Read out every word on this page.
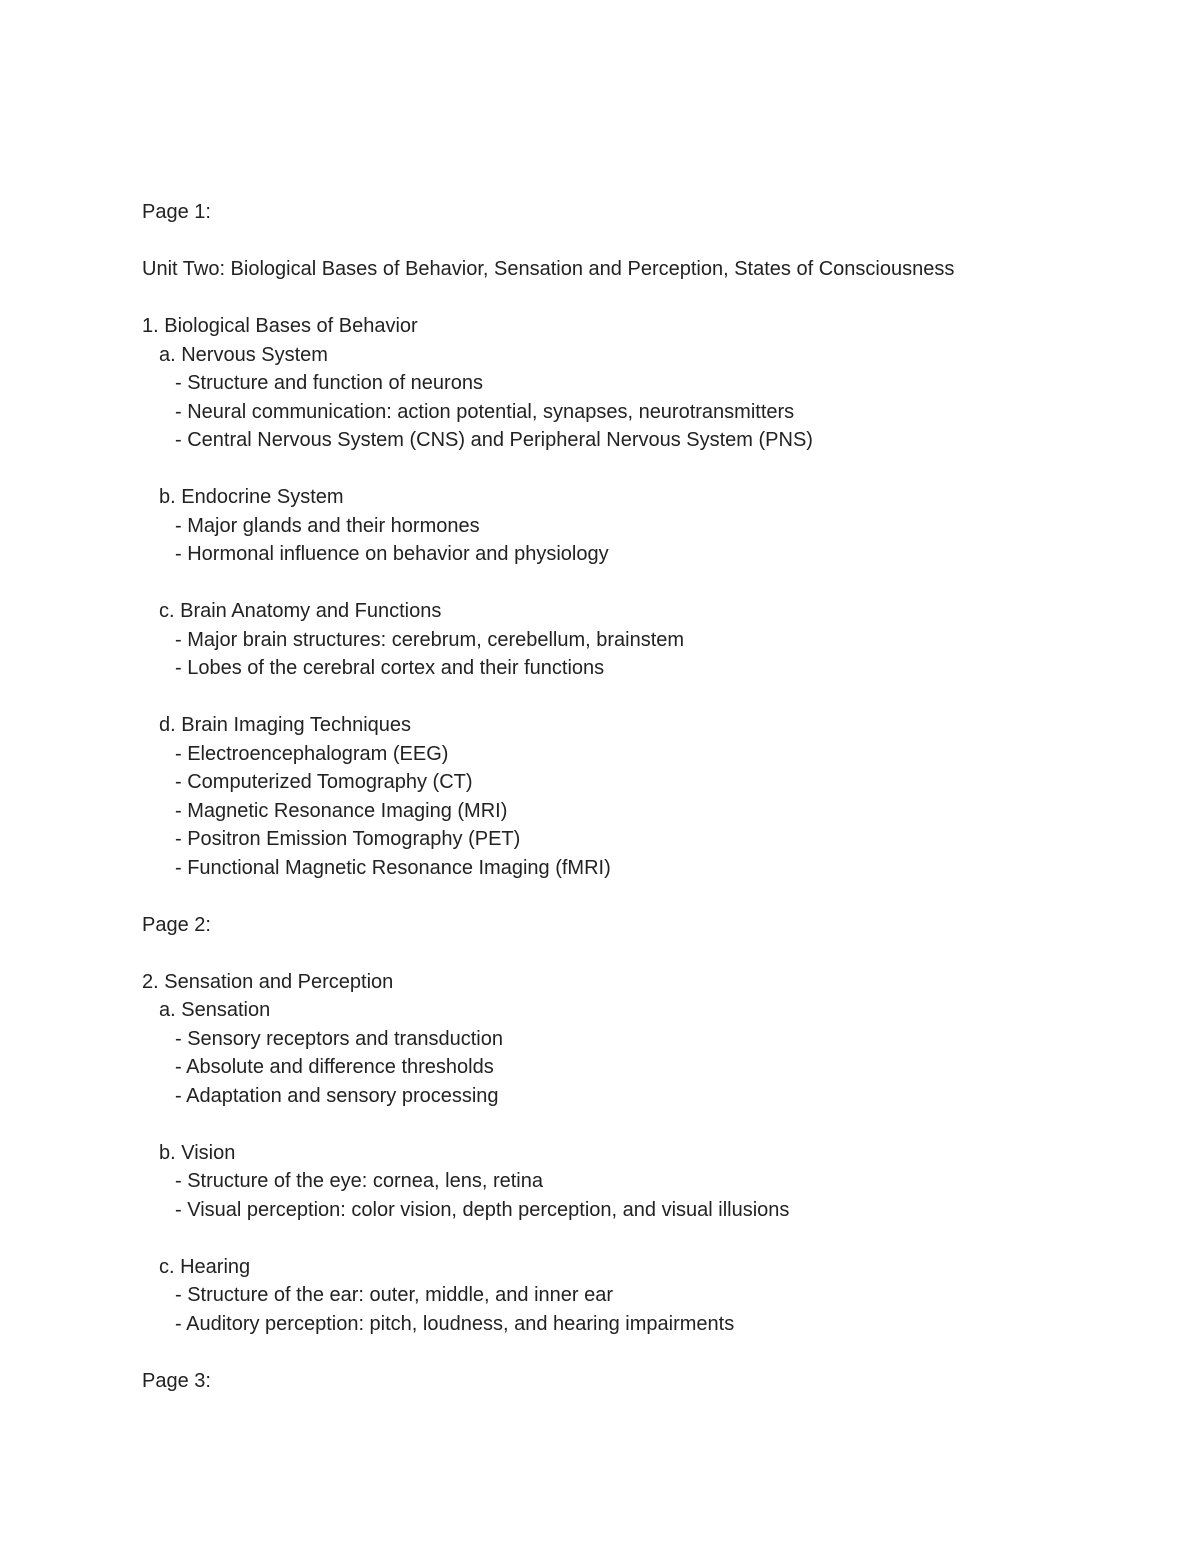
Page 1:
Unit Two: Biological Bases of Behavior, Sensation and Perception, States of Consciousness
1. Biological Bases of Behavior
a. Nervous System
- Structure and function of neurons
- Neural communication: action potential, synapses, neurotransmitters
- Central Nervous System (CNS) and Peripheral Nervous System (PNS)
b. Endocrine System
- Major glands and their hormones
- Hormonal influence on behavior and physiology
c. Brain Anatomy and Functions
- Major brain structures: cerebrum, cerebellum, brainstem
- Lobes of the cerebral cortex and their functions
d. Brain Imaging Techniques
- Electroencephalogram (EEG)
- Computerized Tomography (CT)
- Magnetic Resonance Imaging (MRI)
- Positron Emission Tomography (PET)
- Functional Magnetic Resonance Imaging (fMRI)
Page 2:
2. Sensation and Perception
a. Sensation
- Sensory receptors and transduction
- Absolute and difference thresholds
- Adaptation and sensory processing
b. Vision
- Structure of the eye: cornea, lens, retina
- Visual perception: color vision, depth perception, and visual illusions
c. Hearing
- Structure of the ear: outer, middle, and inner ear
- Auditory perception: pitch, loudness, and hearing impairments
Page 3:
